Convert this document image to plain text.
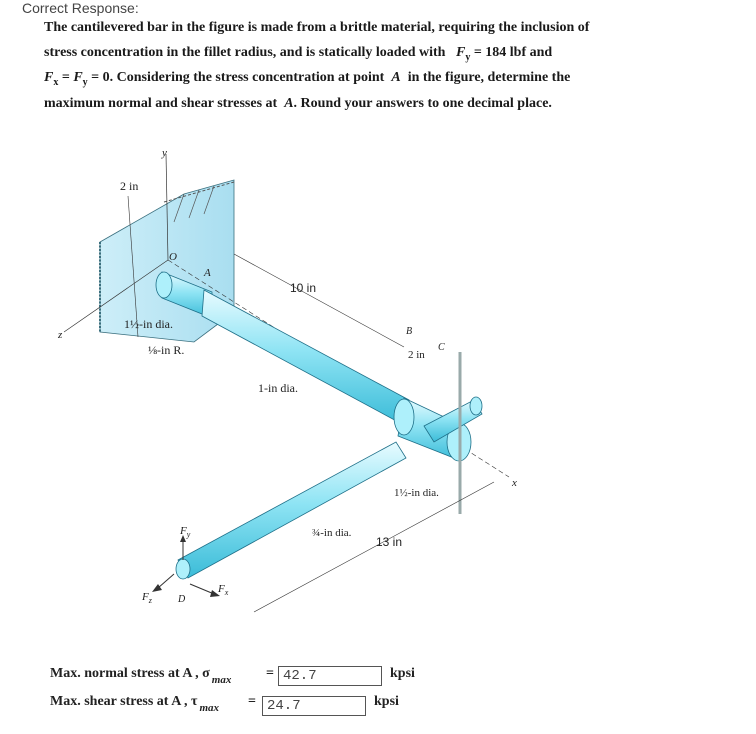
Correct Response:
The cantilevered bar in the figure is made from a brittle material, requiring the inclusion of
stress concentration in the fillet radius, and is statically loaded with $F_y = 184$ lbf and
$F_x = F_y = 0$. Considering the stress concentration at point A in the figure, determine the
maximum normal and shear stresses at A. Round your answers to one decimal place.
y
z
x
2 in
O
A
B
C
D
10 in
13 in
2 in
1½-in dia.
⅛-in R.
1-in dia.
¾-in dia.
1½-in dia.
$F_y$
$F_x$
$F_z$
Max. normal stress at A , σ $_{max}$ = 42.7	kpsi
Max. shear stress at A , τ $_{max}$ = 24.7	kpsi
